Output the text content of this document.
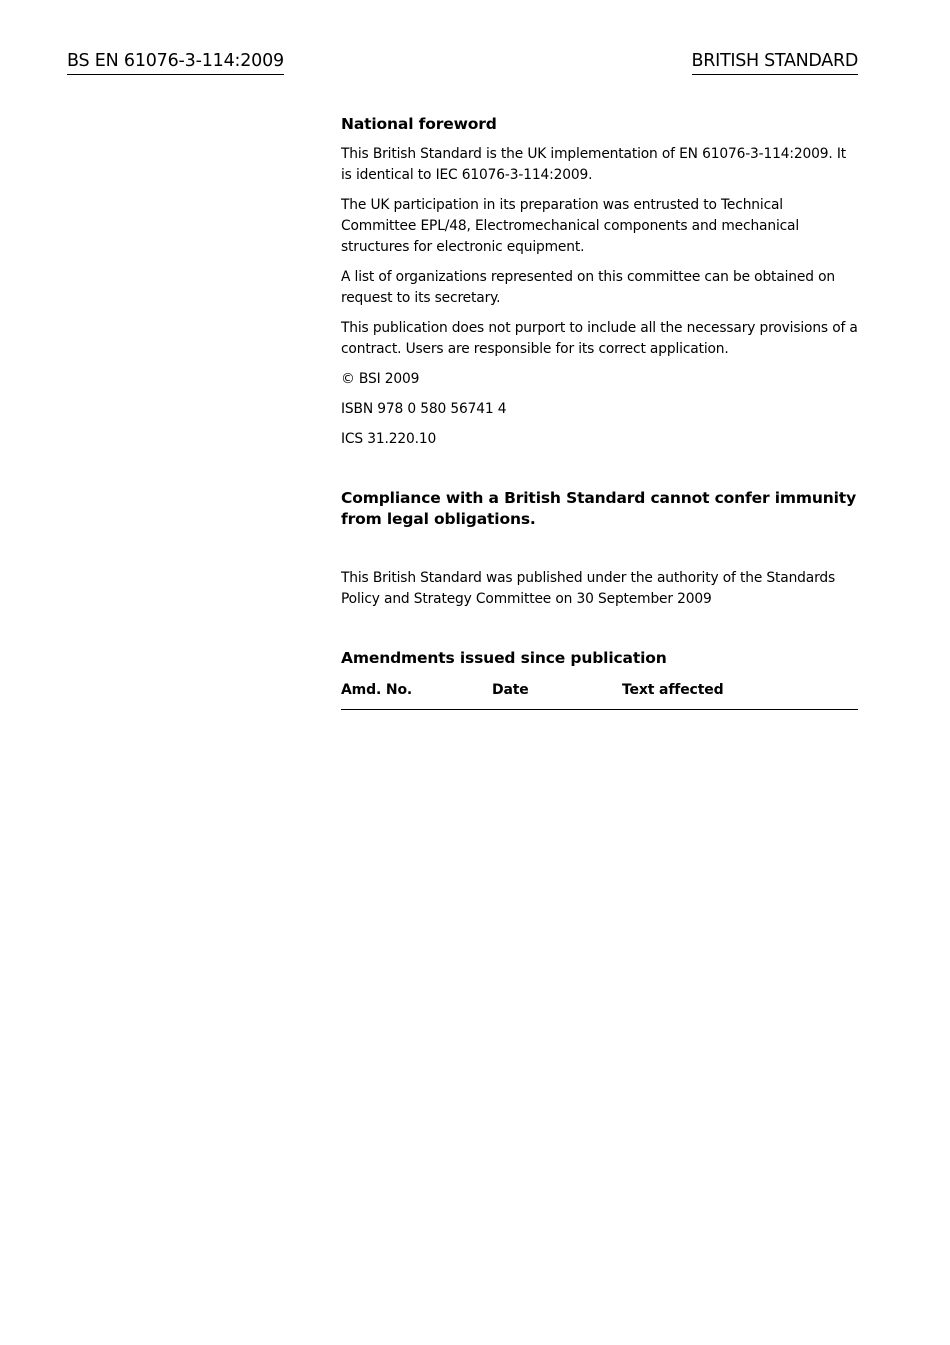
BS EN 61076-3-114:2009	BRITISH STANDARD
National foreword
This British Standard is the UK implementation of EN 61076-3-114:2009. It is identical to IEC 61076-3-114:2009.
The UK participation in its preparation was entrusted to Technical Committee EPL/48, Electromechanical components and mechanical structures for electronic equipment.
A list of organizations represented on this committee can be obtained on request to its secretary.
This publication does not purport to include all the necessary provisions of a contract. Users are responsible for its correct application.
© BSI 2009
ISBN 978 0 580 56741 4
ICS 31.220.10
Compliance with a British Standard cannot confer immunity from legal obligations.
This British Standard was published under the authority of the Standards Policy and Strategy Committee on 30 September 2009
Amendments issued since publication
Amd. No.	Date	Text affected
